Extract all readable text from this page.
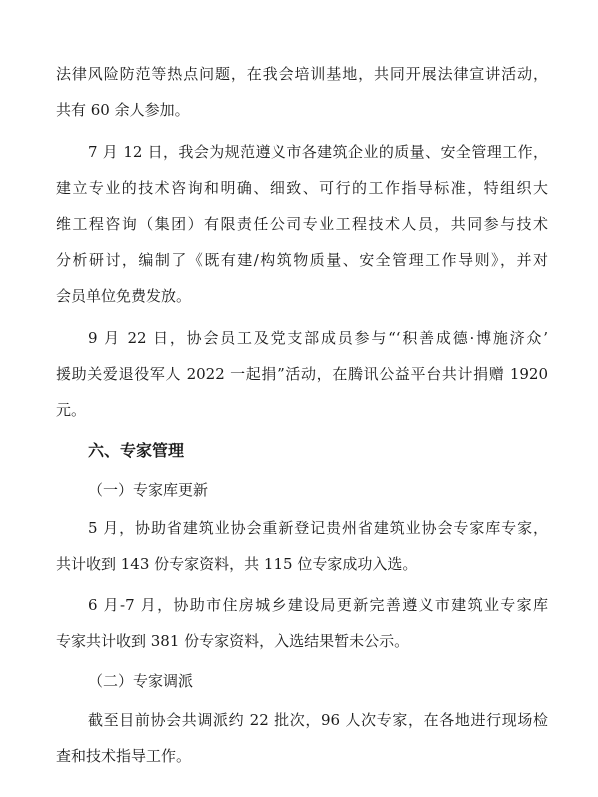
法律风险防范等热点问题，在我会培训基地，共同开展法律宣讲活动，
共有 60 余人参加。
7 月 12 日，我会为规范遵义市各建筑企业的质量、安全管理工作，
建立专业的技术咨询和明确、细致、可行的工作指导标准，特组织大
维工程咨询（集团）有限责任公司专业工程技术人员，共同参与技术
分析研讨，编制了《既有建/构筑物质量、安全管理工作导则》，并对
会员单位免费发放。
9 月 22 日，协会员工及党支部成员参与“‘积善成德·博施济众’
援助关爱退役军人 2022 一起捐”活动，在腾讯公益平台共计捐赠 1920
元。
六、专家管理
（一）专家库更新
5 月，协助省建筑业协会重新登记贵州省建筑业协会专家库专家，
共计收到 143 份专家资料，共 115 位专家成功入选。
6 月-7 月，协助市住房城乡建设局更新完善遵义市建筑业专家库
专家共计收到 381 份专家资料，入选结果暂未公示。
（二）专家调派
截至目前协会共调派约 22 批次，96 人次专家，在各地进行现场检
查和技术指导工作。
